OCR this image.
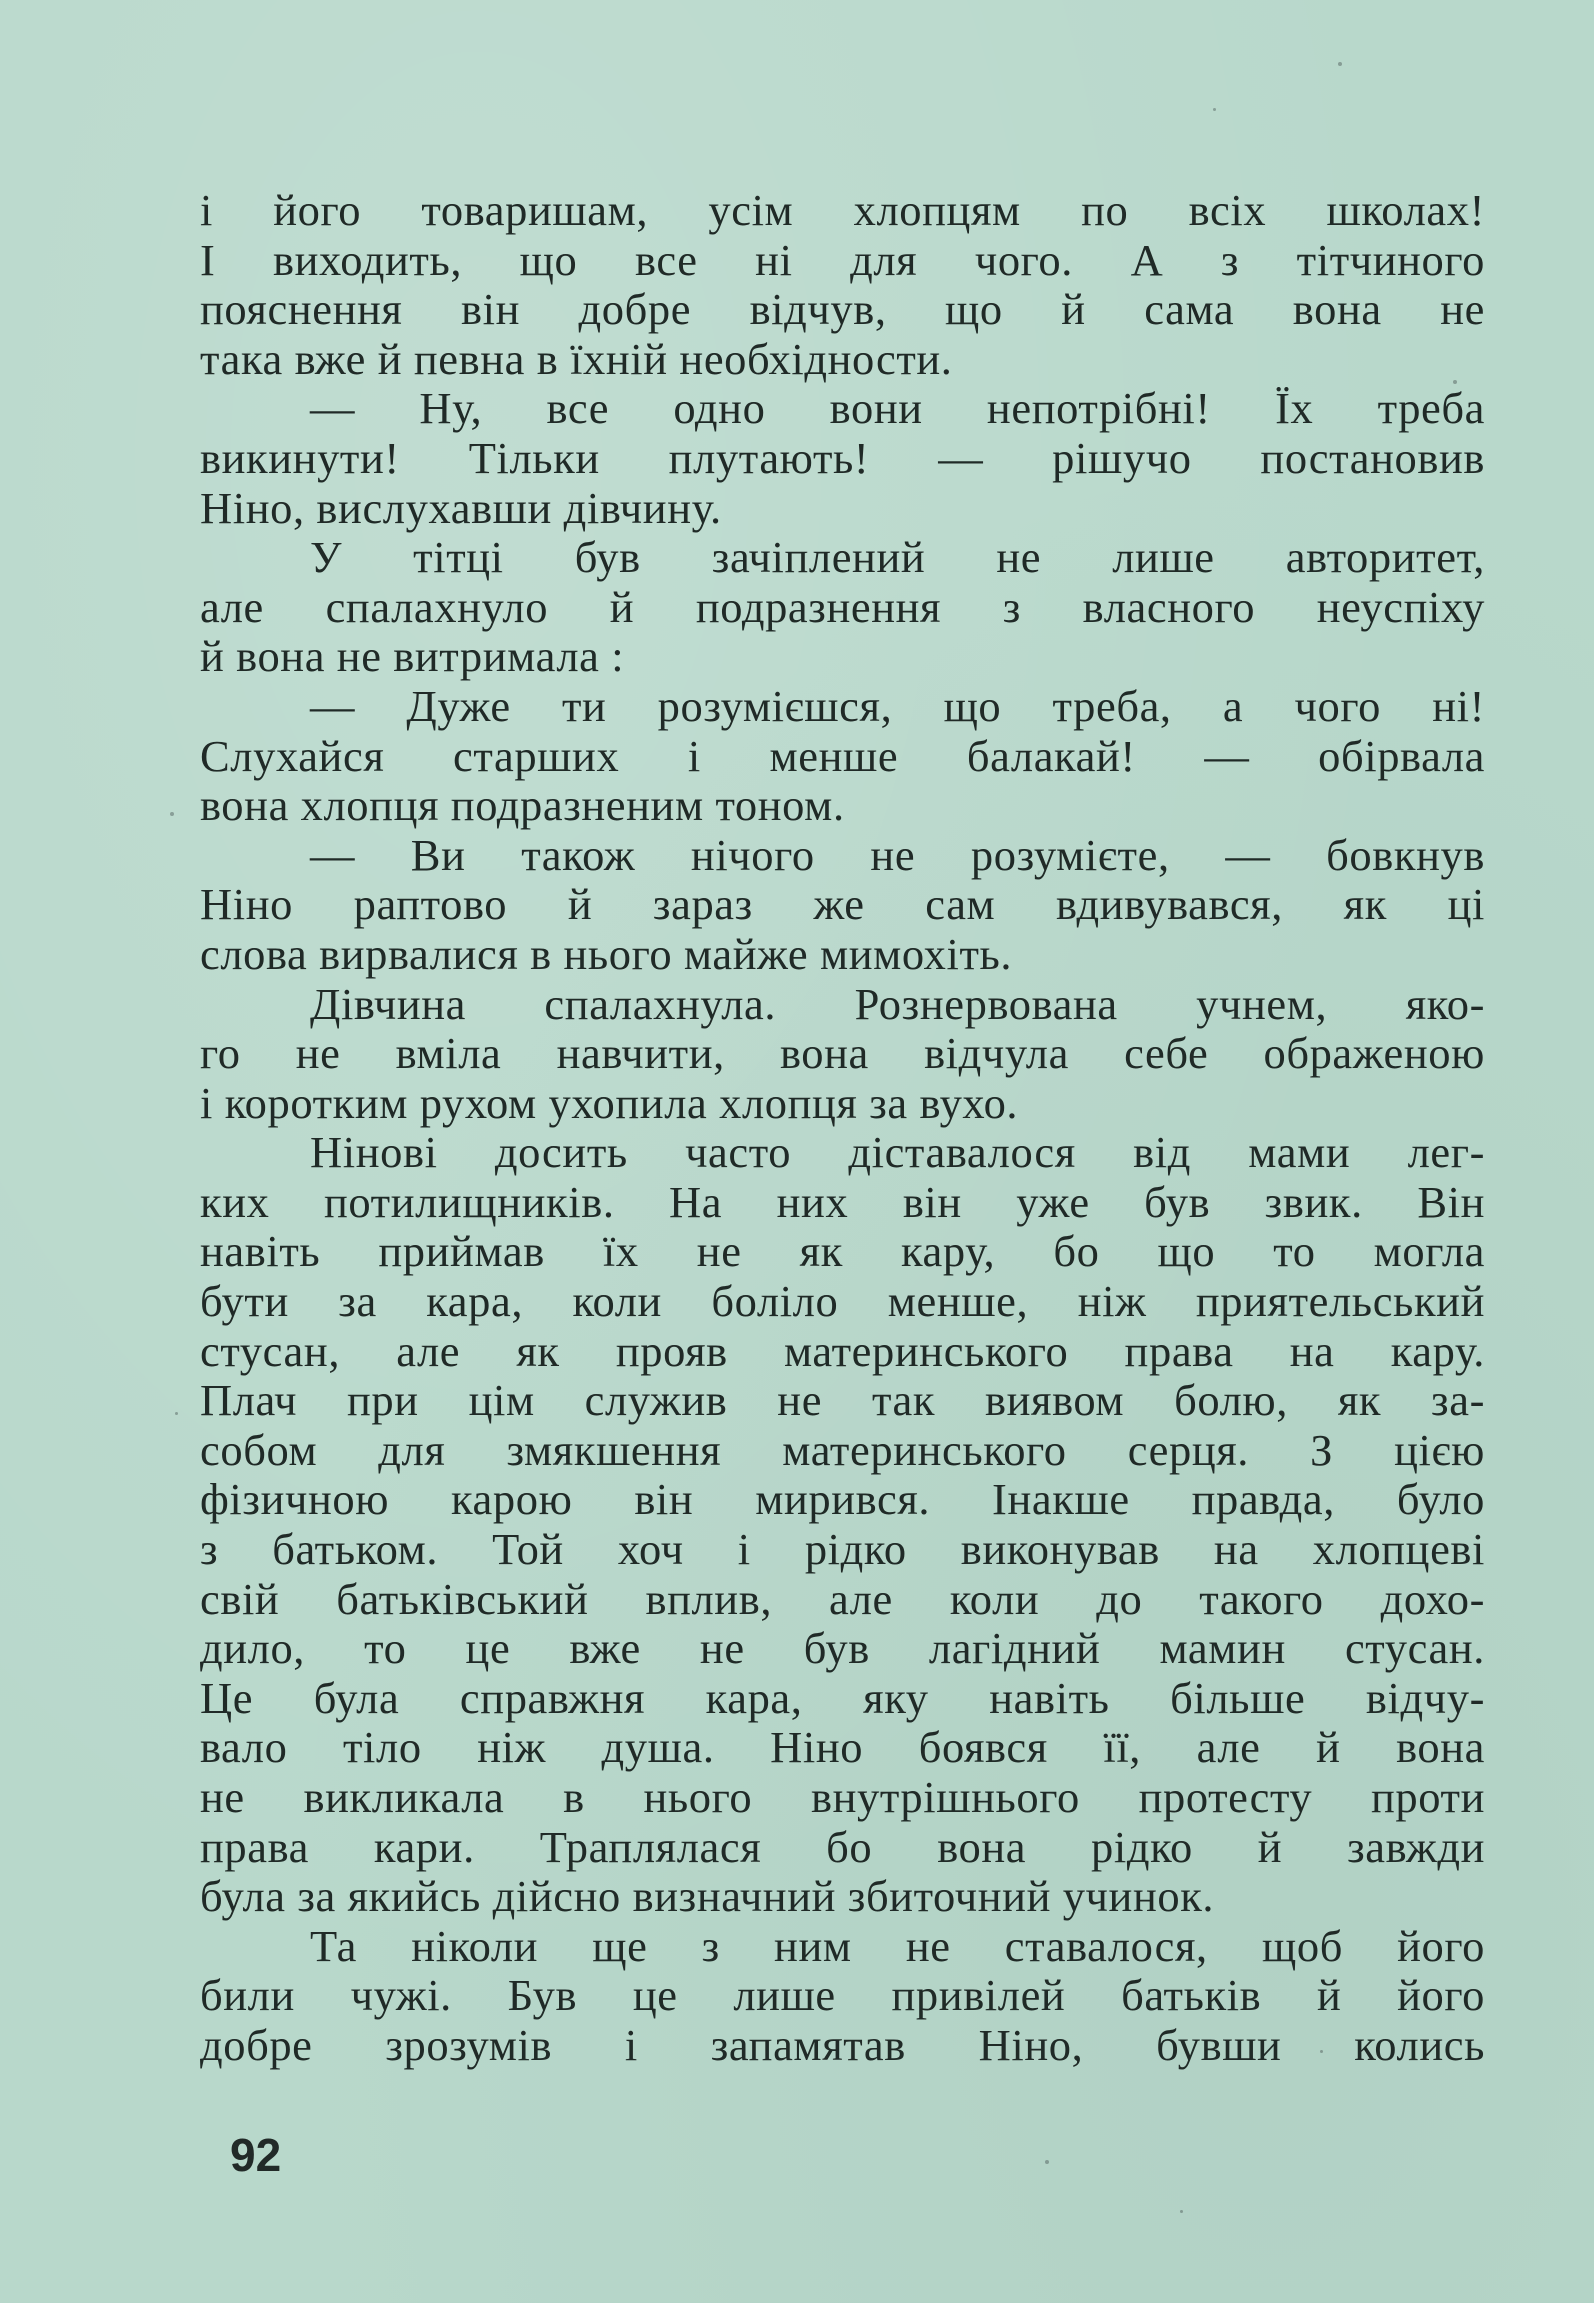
і його товаришам, усім хлопцям по всіх школах!
І виходить, що все ні для чого. А з тітчиного
пояснення він добре відчув, що й сама вона не
така вже й певна в їхній необхідности.
— Ну, все одно вони непотрібні! Їх треба
викинути! Тільки плутають! — рішучо постановив
Ніно, вислухавши дівчину.
У тітці був зачіплений не лише авторитет,
але спалахнуло й подразнення з власного неуспіху
й вона не витримала :
— Дуже ти розумієшся, що треба, а чого ні!
Слухайся старших і менше балакай! — обірвала
вона хлопця подразненим тоном.
— Ви також нічого не розумієте, — бовкнув
Ніно раптово й зараз же сам вдивувався, як ці
слова вирвалися в нього майже мимохіть.
Дівчина спалахнула. Рознервована учнем, яко-
го не вміла навчити, вона відчула себе ображеною
і коротким рухом ухопила хлопця за вухо.
Нінові досить часто діставалося від мами лег-
ких потилищників. На них він уже був звик. Він
навіть приймав їх не як кару, бо що то могла
бути за кара, коли боліло менше, ніж приятельський
стусан, але як прояв материнського права на кару.
Плач при цім служив не так виявом болю, як за-
собом для змякшення материнського серця. З цією
фізичною карою він мирився. Інакше правда, було
з батьком. Той хоч і рідко виконував на хлопцеві
свій батьківський вплив, але коли до такого дохо-
дило, то це вже не був лагідний мамин стусан.
Це була справжня кара, яку навіть більше відчу-
вало тіло ніж душа. Ніно боявся її, але й вона
не викликала в нього внутрішнього протесту проти
права кари. Траплялася бо вона рідко й завжди
була за якийсь дійсно визначний збиточний учинок.
Та ніколи ще з ним не ставалося, щоб його
били чужі. Був це лише привілей батьків й його
добре зрозумів і запамятав Ніно, бувши колись
92
